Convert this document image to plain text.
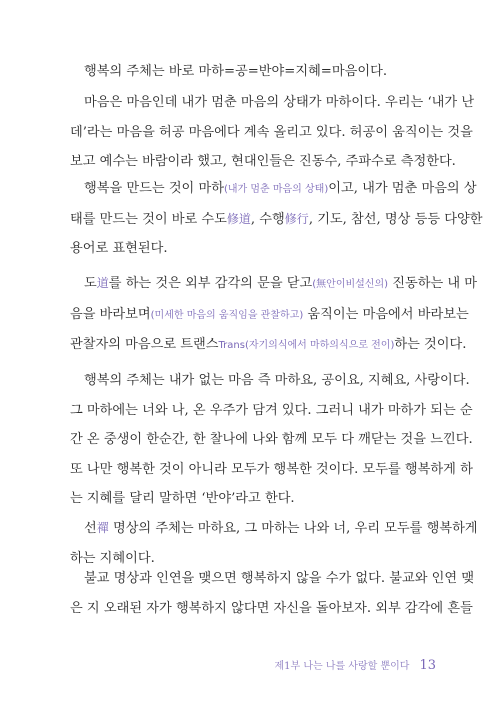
행복의 주체는 바로 마하=공=반야=지혜=마음이다.
마음은 마음인데 내가 멈춘 마음의 상태가 마하이다. 우리는 ‘내가 난
데’라는 마음을 허공 마음에다 계속 올리고 있다. 허공이 움직이는 것을
보고 예수는 바람이라 했고, 현대인들은 진동수, 주파수로 측정한다.
행복을 만드는 것이 마하(내가 멈춘 마음의 상태)이고, 내가 멈춘 마음의 상
태를 만드는 것이 바로 수도修道, 수행修行, 기도, 참선, 명상 등등 다양한
용어로 표현된다.
도道를 하는 것은 외부 감각의 문을 닫고(無안이비설신의) 진동하는 내 마
음을 바라보며(미세한 마음의 움직임을 관찰하고) 움직이는 마음에서 바라보는
관찰자의 마음으로 트랜스Trans(자기의식에서 마하의식으로 전이)하는 것이다.
행복의 주체는 내가 없는 마음 즉 마하요, 공이요, 지혜요, 사랑이다.
그 마하에는 너와 나, 온 우주가 담겨 있다. 그러니 내가 마하가 되는 순
간 온 중생이 한순간, 한 찰나에 나와 함께 모두 다 깨닫는 것을 느낀다.
또 나만 행복한 것이 아니라 모두가 행복한 것이다. 모두를 행복하게 하
는 지혜를 달리 말하면 ‘반야’라고 한다.
선禪 명상의 주체는 마하요, 그 마하는 나와 너, 우리 모두를 행복하게
하는 지혜이다.
불교 명상과 인연을 맺으면 행복하지 않을 수가 없다. 불교와 인연 맺
은 지 오래된 자가 행복하지 않다면 자신을 돌아보자. 외부 감각에 흔들
제1부 나는 나를 사랑할 뿐이다 13
